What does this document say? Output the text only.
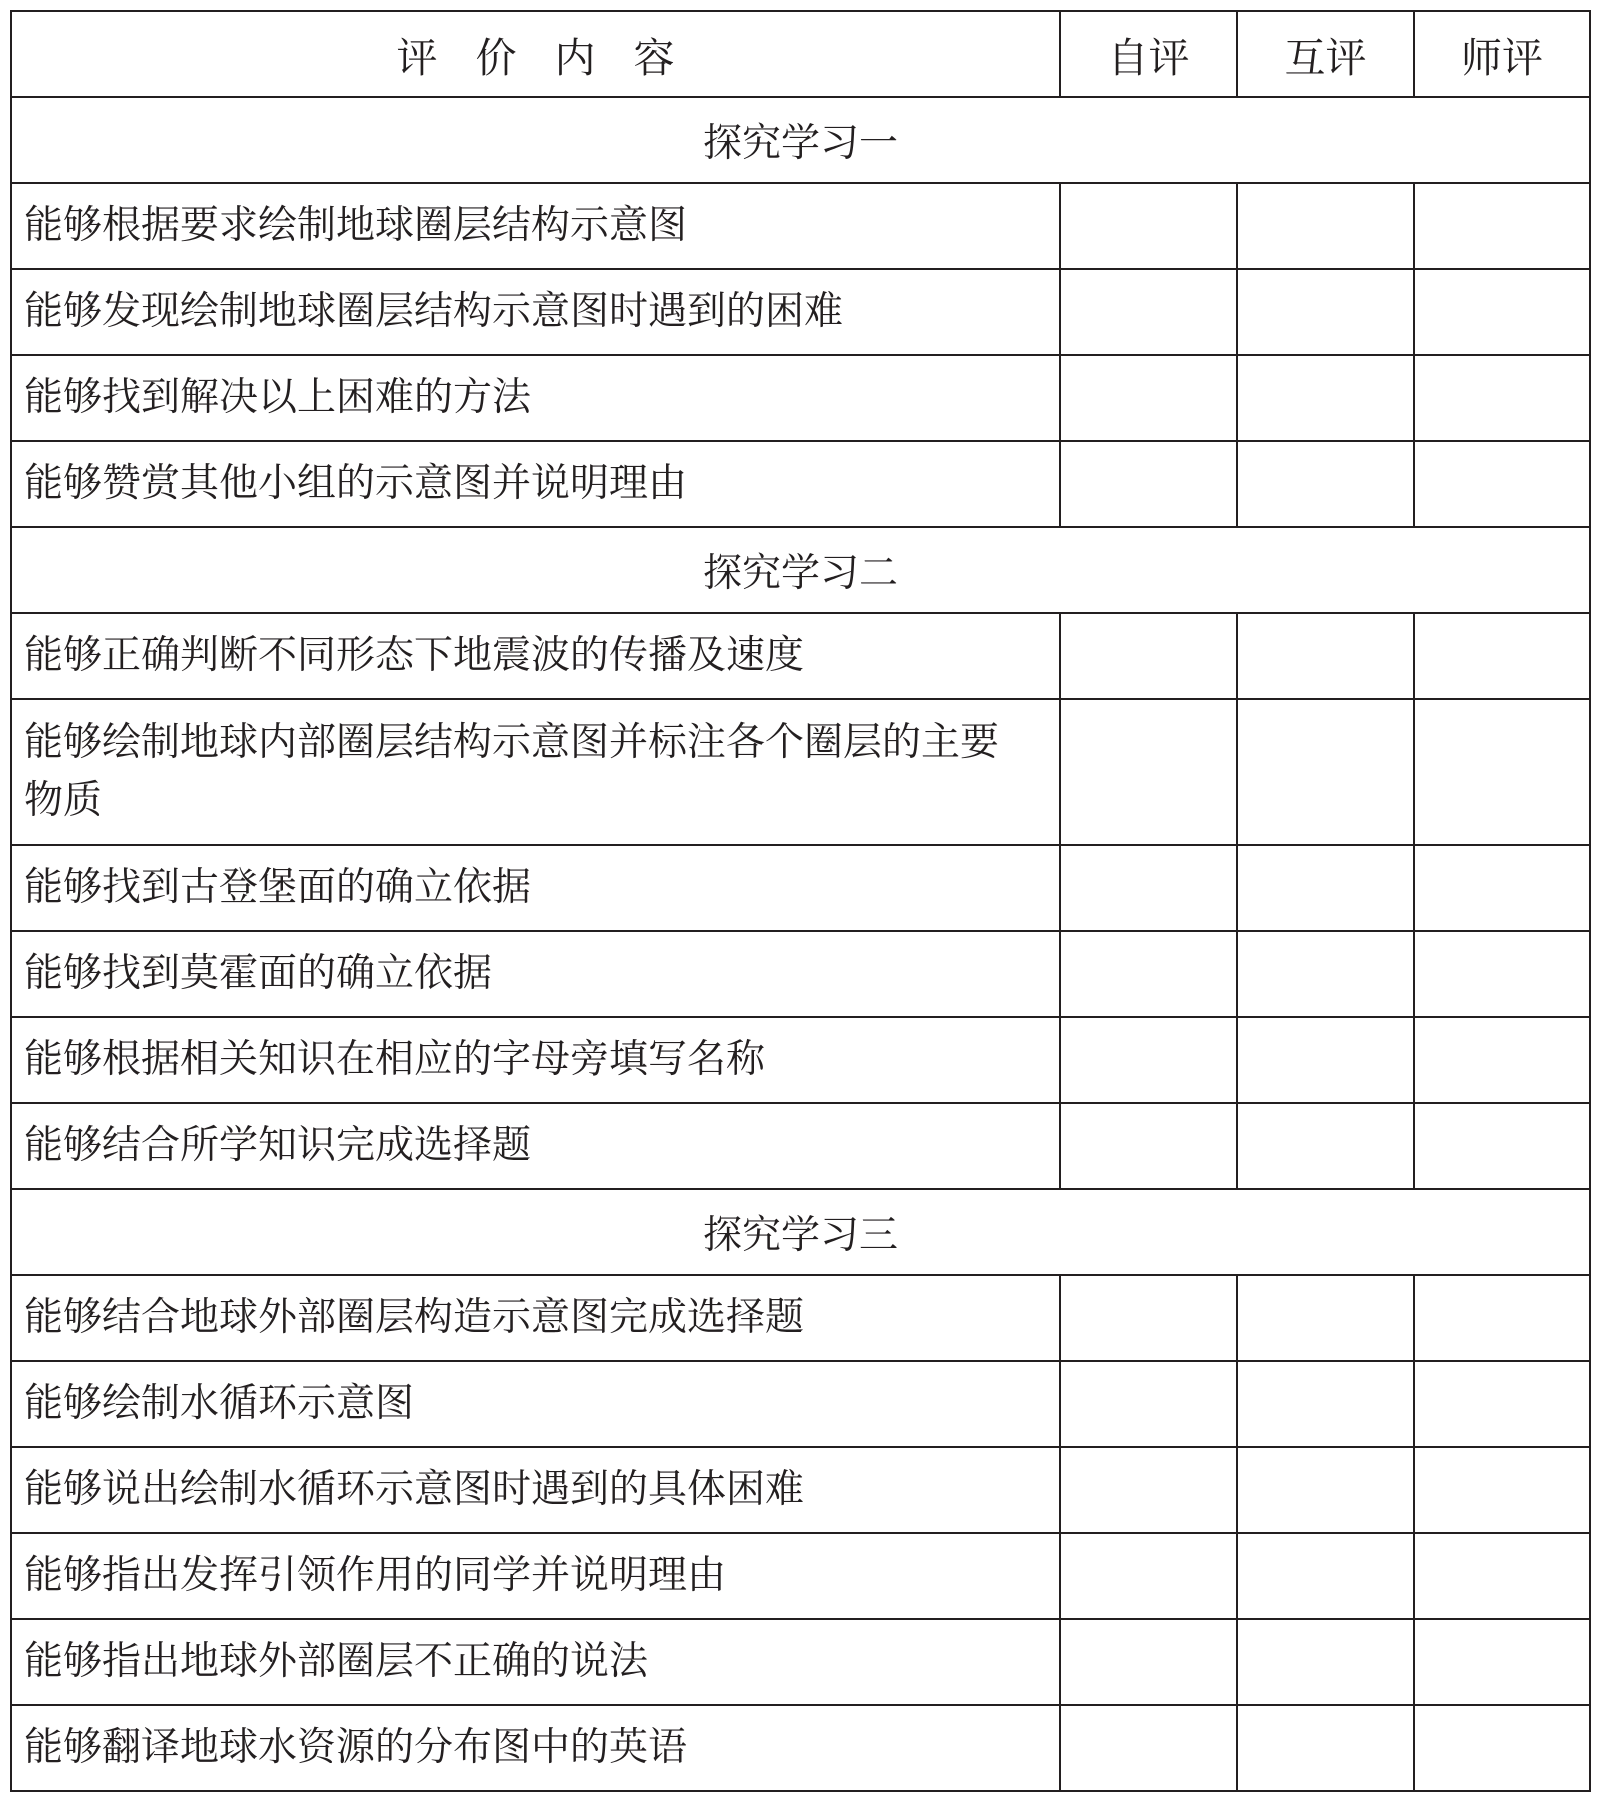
评价内容	自评	互评	师评
探究学习一			
能够根据要求绘制地球圈层结构示意图			
能够发现绘制地球圈层结构示意图时遇到的困难			
能够找到解决以上困难的方法			
能够赞赏其他小组的示意图并说明理由			
探究学习二			
能够正确判断不同形态下地震波的传播及速度			
能够绘制地球内部圈层结构示意图并标注各个圈层的主要物质			
能够找到古登堡面的确立依据			
能够找到莫霍面的确立依据			
能够根据相关知识在相应的字母旁填写名称			
能够结合所学知识完成选择题			
探究学习三			
能够结合地球外部圈层构造示意图完成选择题			
能够绘制水循环示意图			
能够说出绘制水循环示意图时遇到的具体困难			
能够指出发挥引领作用的同学并说明理由			
能够指出地球外部圈层不正确的说法			
能够翻译地球水资源的分布图中的英语			
